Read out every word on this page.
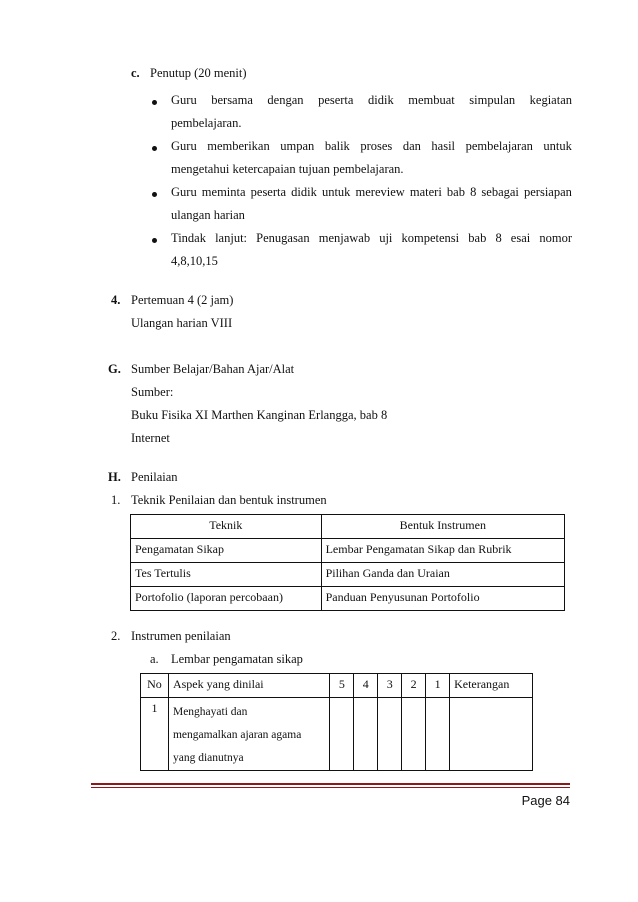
c. Penutup (20 menit)
Guru bersama dengan peserta didik membuat simpulan kegiatan
pembelajaran.
Guru memberikan umpan balik proses dan hasil pembelajaran untuk
mengetahui ketercapaian tujuan pembelajaran.
Guru meminta peserta didik untuk mereview materi bab 8 sebagai persiapan
ulangan harian
Tindak lanjut: Penugasan menjawab uji kompetensi bab 8 esai nomor
4,8,10,15
4. Pertemuan 4 (2 jam)
Ulangan harian VIII
G. Sumber Belajar/Bahan Ajar/Alat
Sumber:
Buku Fisika XI Marthen Kanginan Erlangga, bab 8
Internet
H. Penilaian
1. Teknik Penilaian dan bentuk instrumen
Teknik	Bentuk Instrumen
Pengamatan Sikap	Lembar Pengamatan Sikap dan Rubrik
Tes Tertulis	Pilihan Ganda dan Uraian
Portofolio (laporan percobaan)	Panduan Penyusunan Portofolio
2. Instrumen penilaian
a. Lembar pengamatan sikap
No	Aspek yang dinilai	5	4	3	2	1	Keterangan
1	Menghayati dan
mengamalkan ajaran agama
yang dianutnya						

Page 84
